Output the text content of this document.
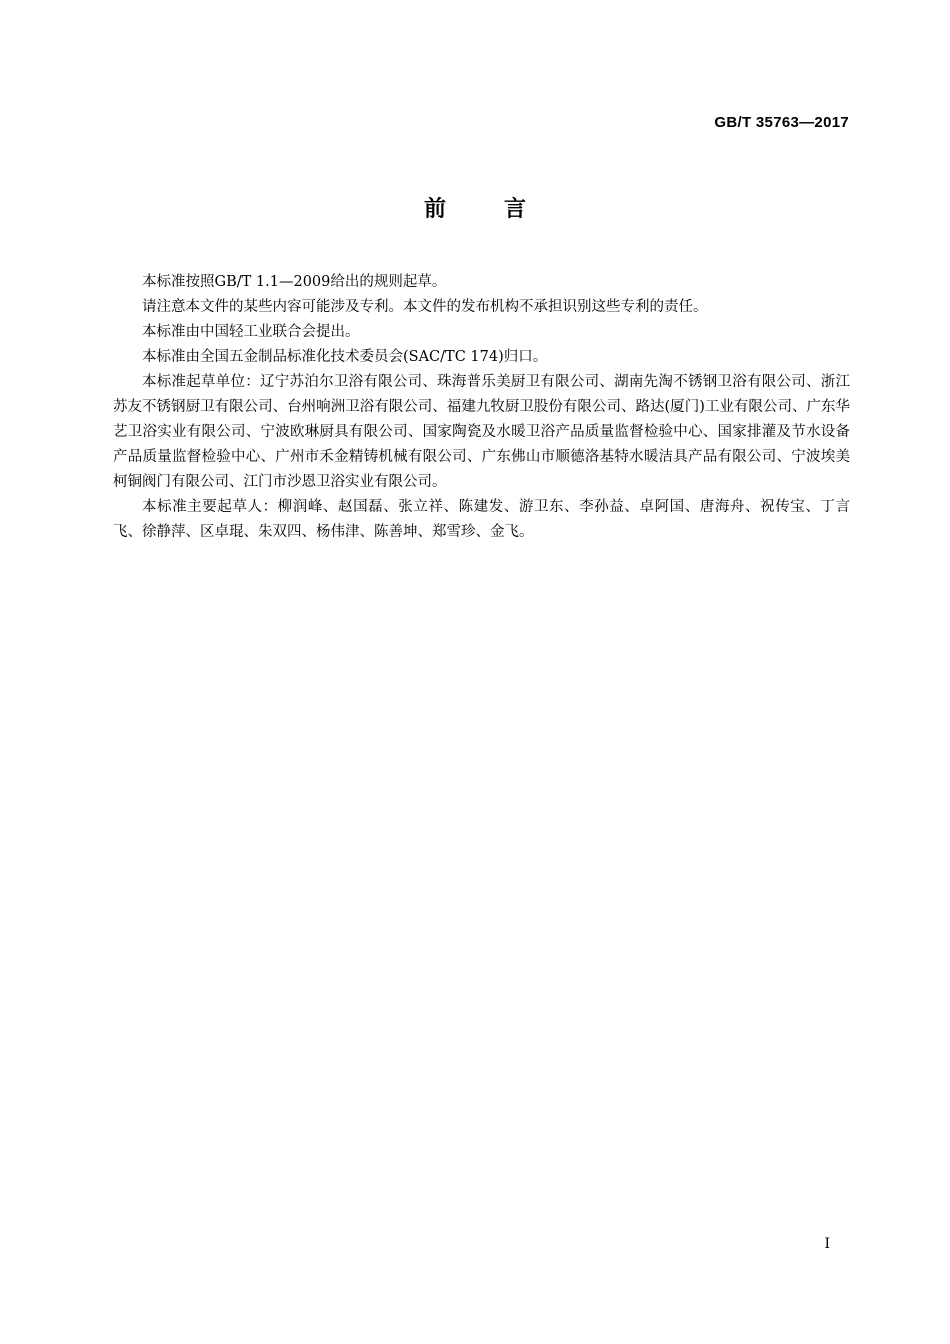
GB/T 35763—2017
前言

本标准按照GB/T 1.1—2009给出的规则起草。

请注意本文件的某些内容可能涉及专利。本文件的发布机构不承担识别这些专利的责任。

本标准由中国轻工业联合会提出。

本标准由全国五金制品标准化技术委员会(SAC/TC 174)归口。

本标准起草单位：辽宁苏泊尔卫浴有限公司、珠海普乐美厨卫有限公司、湖南先淘不锈钢卫浴有限公司、浙江苏友不锈钢厨卫有限公司、台州响洲卫浴有限公司、福建九牧厨卫股份有限公司、路达(厦门)工业有限公司、广东华艺卫浴实业有限公司、宁波欧琳厨具有限公司、国家陶瓷及水暖卫浴产品质量监督检验中心、国家排灌及节水设备产品质量监督检验中心、广州市禾金精铸机械有限公司、广东佛山市顺德洛基特水暖洁具产品有限公司、宁波埃美柯铜阀门有限公司、江门市沙恩卫浴实业有限公司。

本标准主要起草人：柳润峰、赵国磊、张立祥、陈建发、游卫东、李孙益、卓阿国、唐海舟、祝传宝、丁言飞、徐静萍、区卓琨、朱双四、杨伟津、陈善坤、郑雪珍、金飞。

I
